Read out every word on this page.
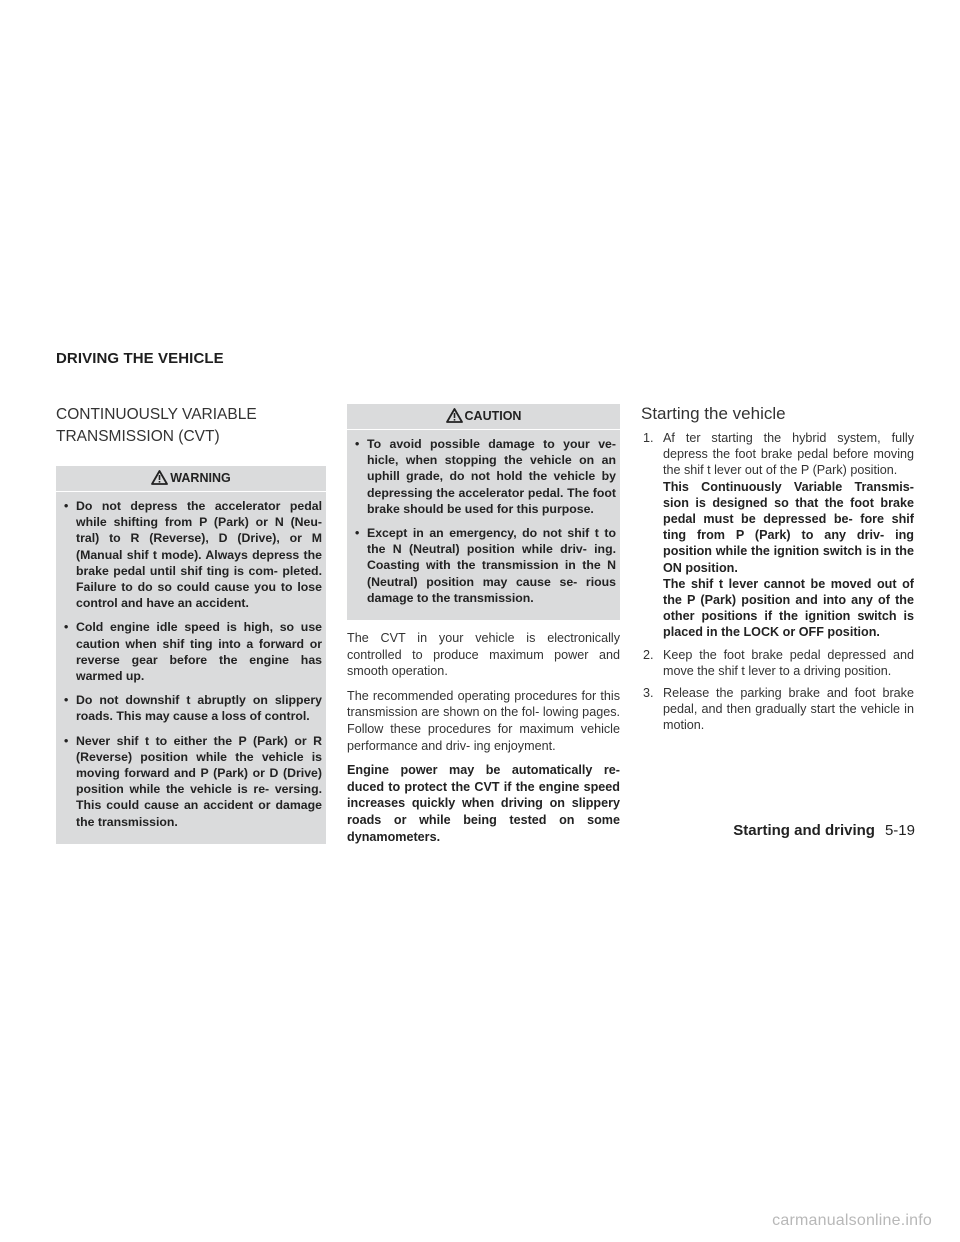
DRIVING THE VEHICLE
CONTINUOUSLY VARIABLE
TRANSMISSION (CVT)
WARNING
• Do not depress the accelerator pedal while shifting from P (Park) or N (Neu- tral) to R (Reverse), D (Drive), or M (Manual shif t mode). Always depress the brake pedal until shif ting is com- pleted. Failure to do so could cause you to lose control and have an accident.
• Cold engine idle speed is high, so use caution when shif ting into a forward or reverse gear before the engine has warmed up.
• Do not downshif t abruptly on slippery roads. This may cause a loss of control.
• Never shif t to either the P (Park) or R (Reverse) position while the vehicle is moving forward and P (Park) or D (Drive) position while the vehicle is re- versing. This could cause an accident or damage the transmission.
CAUTION
• To avoid possible damage to your ve- hicle, when stopping the vehicle on an uphill grade, do not hold the vehicle by depressing the accelerator pedal. The foot brake should be used for this purpose.
• Except in an emergency, do not shif t to the N (Neutral) position while driv- ing. Coasting with the transmission in the N (Neutral) position may cause se- rious damage to the transmission.

The CVT in your vehicle is electronically controlled to produce maximum power and smooth operation.

The recommended operating procedures for this transmission are shown on the fol- lowing pages. Follow these procedures for maximum vehicle performance and driv- ing enjoyment.

Engine power may be automatically re- duced to protect the CVT if the engine speed increases quickly when driving on slippery roads or while being tested on some dynamometers.

Starting the vehicle
1. Af ter starting the hybrid system, fully depress the foot brake pedal before moving the shif t lever out of the P (Park) position.
This Continuously Variable Transmis- sion is designed so that the foot brake pedal must be depressed be- fore shif ting from P (Park) to any driv- ing position while the ignition switch is in the ON position.
The shif t lever cannot be moved out of the P (Park) position and into any of the other positions if the ignition switch is placed in the LOCK or OFF position.
2. Keep the foot brake pedal depressed and move the shif t lever to a driving position.
3. Release the parking brake and foot brake pedal, and then gradually start the vehicle in motion.
Starting and driving 5-19
carmanualsonline.info
